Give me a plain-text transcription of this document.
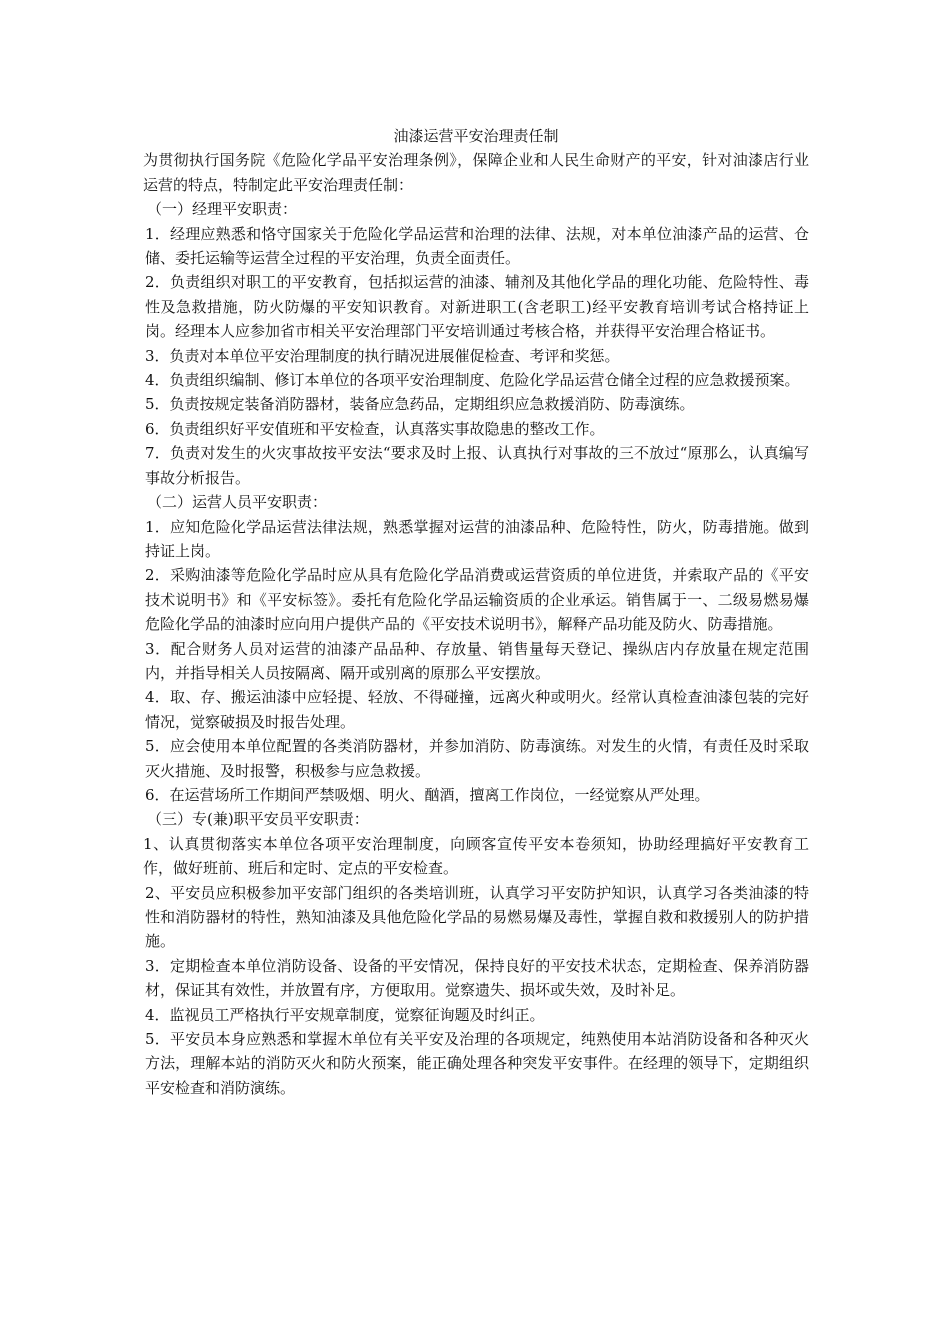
油漆运营平安治理责任制

为贯彻执行国务院《危险化学品平安治理条例》，保障企业和人民生命财产的平安，针对油漆店行业运营的特点，特制定此平安治理责任制：

（一）经理平安职责：

1．经理应熟悉和恪守国家关于危险化学品运营和治理的法律、法规，对本单位油漆产品的运营、仓储、委托运输等运营全过程的平安治理，负责全面责任。

2．负责组织对职工的平安教育，包括拟运营的油漆、辅剂及其他化学品的理化功能、危险特性、毒性及急救措施，防火防爆的平安知识教育。对新进职工(含老职工)经平安教育培训考试合格持证上岗。经理本人应参加省市相关平安治理部门平安培训通过考核合格，并获得平安治理合格证书。

3．负责对本单位平安治理制度的执行睛况进展催促检查、考评和奖惩。

4．负责组织编制、修订本单位的各项平安治理制度、危险化学品运营仓储全过程的应急救援预案。

5．负责按规定装备消防器材，装备应急药品，定期组织应急救援消防、防毒演练。

6．负责组织好平安值班和平安检查，认真落实事故隐患的整改工作。

7．负责对发生的火灾事故按平安法“要求及时上报、认真执行对事故的三不放过“原那么，认真编写事故分析报告。

（二）运营人员平安职责：

1．应知危险化学品运营法律法规，熟悉掌握对运营的油漆品种、危险特性，防火，防毒措施。做到持证上岗。

2．采购油漆等危险化学品时应从具有危险化学品消费或运营资质的单位进货，并索取产品的《平安技术说明书》和《平安标签》。委托有危险化学品运输资质的企业承运。销售属于一、二级易燃易爆危险化学品的油漆时应向用户提供产品的《平安技术说明书》，解释产品功能及防火、防毒措施。

3．配合财务人员对运营的油漆产品品种、存放量、销售量每天登记、操纵店内存放量在规定范围内，并指导相关人员按隔离、隔开或别离的原那么平安摆放。

4．取、存、搬运油漆中应轻提、轻放、不得碰撞，远离火种或明火。经常认真检查油漆包装的完好情况，觉察破损及时报告处理。

5．应会使用本单位配置的各类消防器材，并参加消防、防毒演练。对发生的火情，有责任及时采取灭火措施、及时报警，积极参与应急救援。

6．在运营场所工作期间严禁吸烟、明火、酗酒，擅离工作岗位，一经觉察从严处理。

（三）专(兼)职平安员平安职责：

1、认真贯彻落实本单位各项平安治理制度，向顾客宣传平安本卷须知，协助经理搞好平安教育工作，做好班前、班后和定时、定点的平安检查。

2、平安员应积极参加平安部门组织的各类培训班，认真学习平安防护知识，认真学习各类油漆的特性和消防器材的特性，熟知油漆及具他危险化学品的易燃易爆及毒性，掌握自救和救援别人的防护措施。

3．定期检查本单位消防设备、设备的平安情况，保持良好的平安技术状态，定期检查、保养消防器材，保证其有效性，并放置有序，方便取用。觉察遗失、损坏或失效，及时补足。

4．监视员工严格执行平安规章制度，觉察征询题及时纠正。

5．平安员本身应熟悉和掌握木单位有关平安及治理的各项规定，纯熟使用本站消防设备和各种灭火方法，理解本站的消防灭火和防火预案，能正确处理各种突发平安事件。在经理的领导下，定期组织平安检查和消防演练。
